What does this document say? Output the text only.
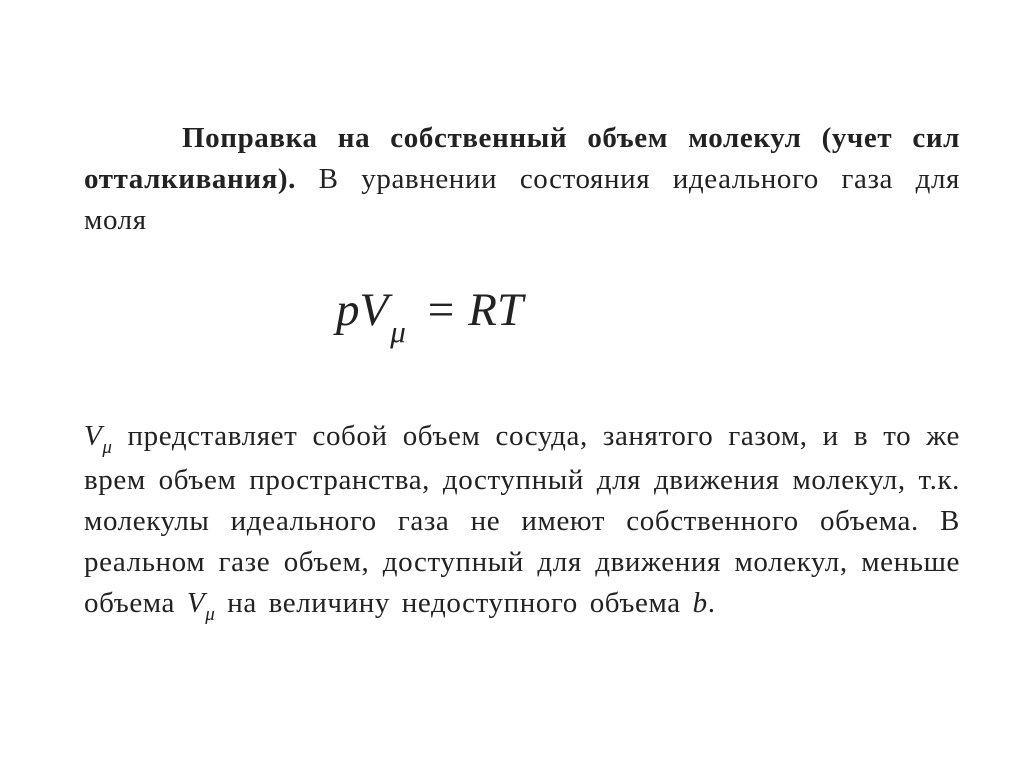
Поправка на собственный объем молекул (учет сил отталкивания). В уравнении состояния идеального газа для моля

$pV_\mu$ = RT

$V_\mu$ представляет собой объем сосуда, занятого газом, и в то же врем объем пространства, доступный для движения молекул, т.к. молекулы идеального газа не имеют собственного объема. В реальном газе объем, доступный для движения молекул, меньше объема $V_\mu$ на величину недоступного объема b.
